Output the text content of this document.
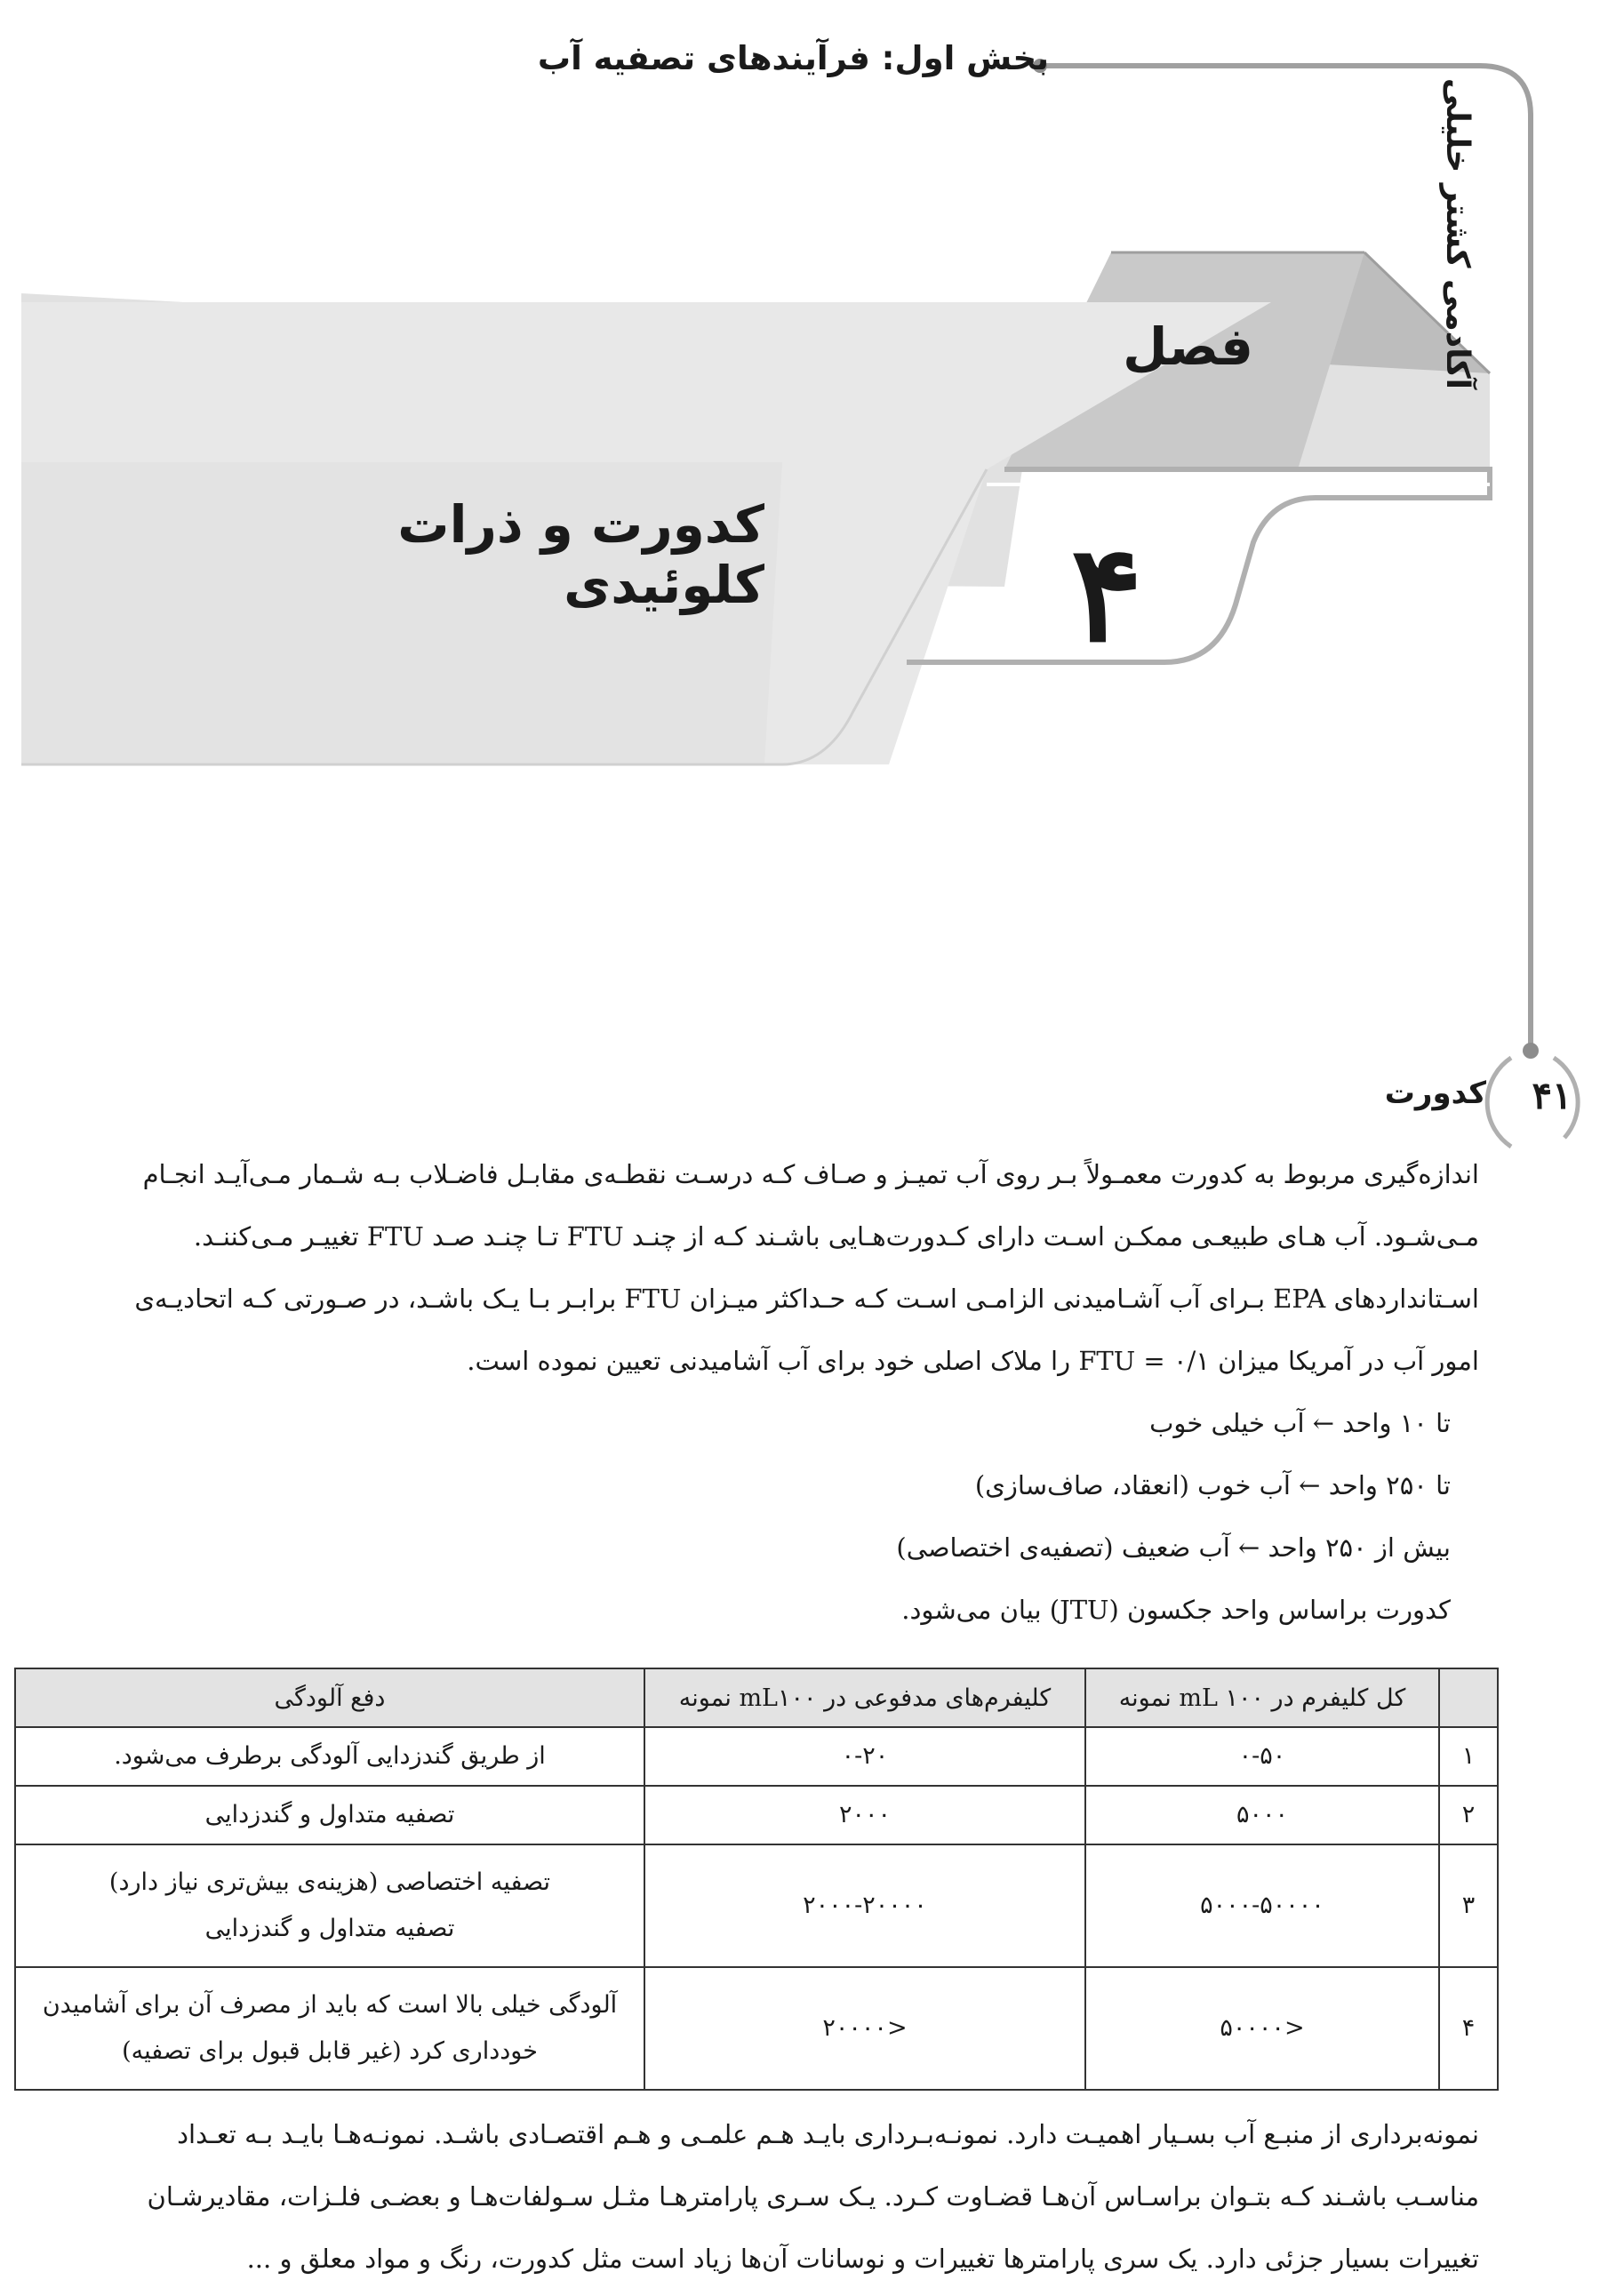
بخش اول: فرآیندهای تصفیه آب
آکادمی کشتر خلیلی
فصل
۴
کدورت و ذرات کلوئیدی
۴۱
کدورت
اندازه‌گیری مربوط به کدورت معمـولاً بـر روی آب تمیـز و صـاف کـه درسـت نقطـه‌ی مقابـل فاضـلاب بـه شـمار مـی‌آیـد انجـام
مـی‌شـود. آب هـای طبیعـی ممکـن اسـت دارای کـدورت‌هـایی باشـند کـه از چنـد FTU تـا چنـد صـد FTU تغییـر مـی‌کننـد.
اسـتانداردهای EPA بـرای آب آشـامیدنی الزامـی اسـت کـه حـداکثر میـزان FTU برابـر بـا یـک باشـد، در صـورتی کـه اتحادیـه‌ی
امور آب در آمریکا میزان FTU = ۰/۱ را ملاک اصلی خود برای آب آشامیدنی تعیین نموده است.
تا ۱۰ واحد ← آب خیلی خوب
تا ۲۵۰ واحد ← آب خوب (انعقاد، صاف‌سازی)
بیش از ۲۵۰ واحد ← آب ضعیف (تصفیه‌ی اختصاصی)
کدورت براساس واحد جکسون (JTU) بیان می‌شود.
	کل کلیفرم در mL ۱۰۰ نمونه	کلیفرم‌های مدفوعی در mL۱۰۰ نمونه	دفع آلودگی
۱	۰-۵۰	۰-۲۰	از طریق گندزدایی آلودگی برطرف می‌شود.

۲	۵۰۰۰	۲۰۰۰	تصفیه متداول و گندزدایی

۳	۵۰۰۰-۵۰۰۰۰	۲۰۰۰-۲۰۰۰۰	تصفیه اختصاصی (هزینه‌ی بیش‌تری نیاز دارد)
تصفیه متداول و گندزدایی

۴	<۵۰۰۰۰	<۲۰۰۰۰	آلودگی خیلی بالا است که باید از مصرف آن برای آشامیدن
خودداری کرد (غیر قابل قبول برای تصفیه)
نمونه‌برداری از منبـع آب بسـیار اهمیـت دارد. نمونـه‌بـرداری بایـد هـم علمـی و هـم اقتصـادی باشـد. نمونـه‌هـا بایـد بـه تعـداد
مناسـب باشـند کـه بتـوان براسـاس آن‌هـا قضـاوت کـرد. یـک سـری پارامترهـا مثـل سـولفات‌هـا و بعضـی فلـزات، مقادیرشـان
تغییرات بسیار جزئی دارد. یک سری پارامترها تغییرات و نوسانات آن‌ها زیاد است مثل کدورت، رنگ و مواد معلق و ...
